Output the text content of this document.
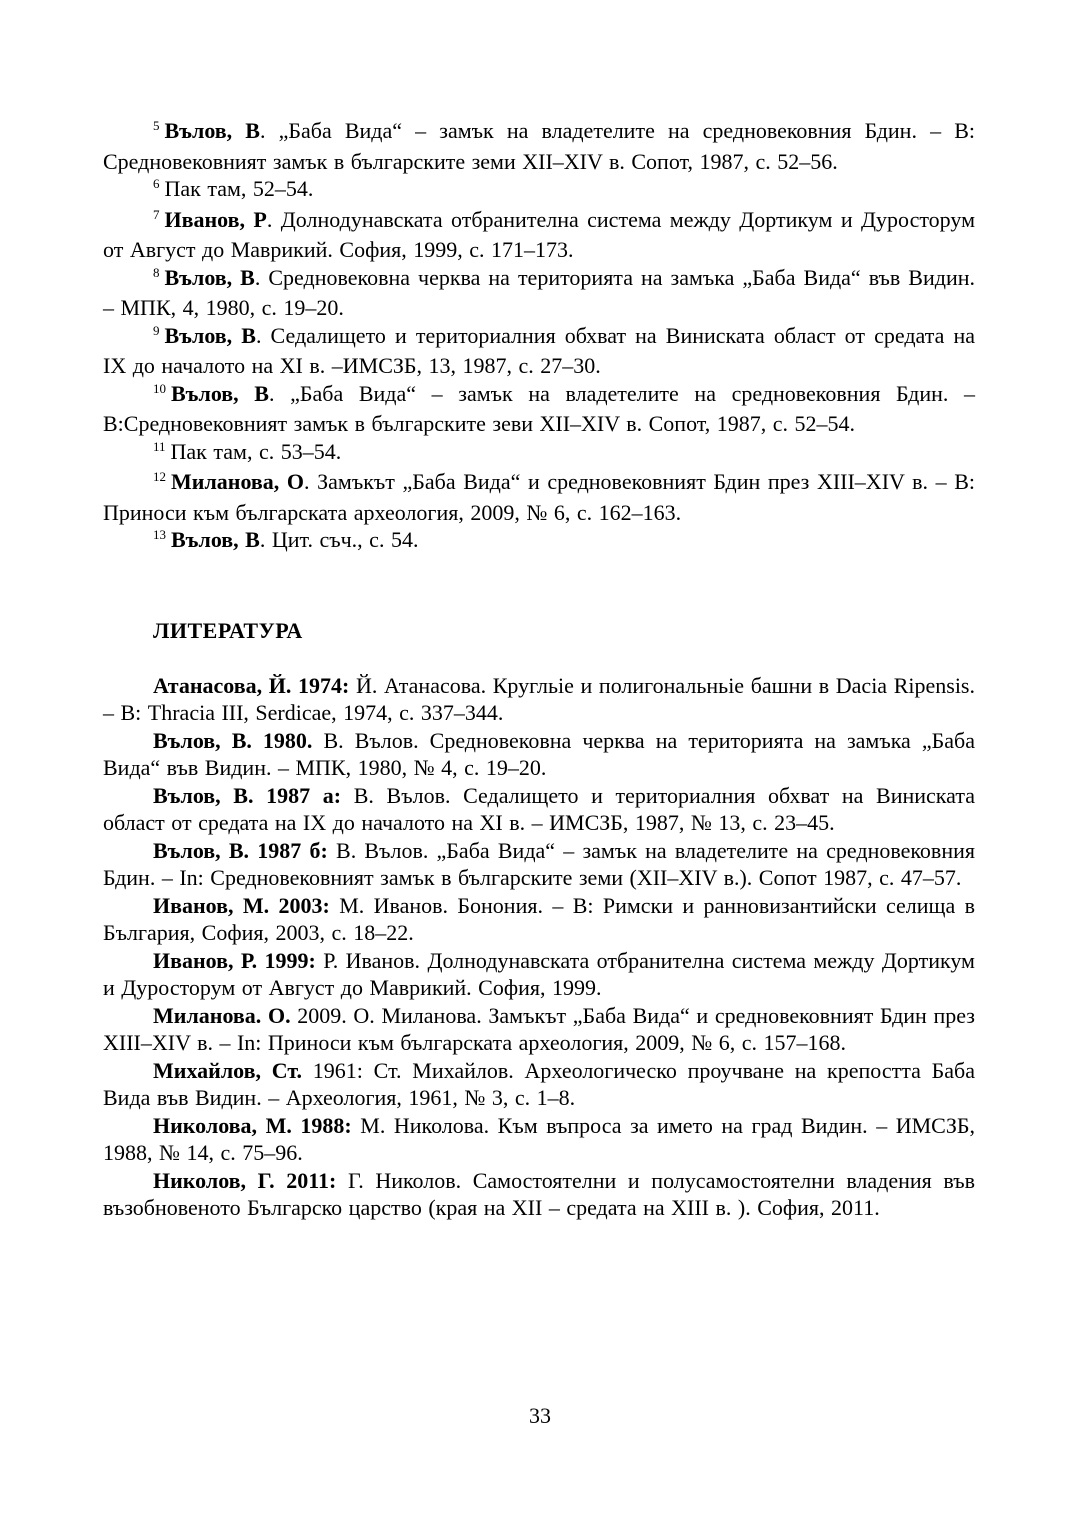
$^5$ Вълов, В. „Баба Вида“ – замък на владетелите на средновековния Бдин. – В: Средновековният замък в българските земи XII–XIV в. Сопот, 1987, с. 52–56.

$^6$ Пак там, 52–54.

$^7$ Иванов, Р. Долнодунавската отбранителна система между Дортикум и Дуросторум от Август до Маврикий. София, 1999, с. 171–173.

$^8$ Вълов, В. Средновековна черква на територията на замъка „Баба Вида“ във Видин. – МПК, 4, 1980, с. 19–20.

$^9$ Вълов, В. Седалището и териториалния обхват на Виниската област от средата на IX до началото на XI в. –ИМСЗБ, 13, 1987, с. 27–30.

$^{10}$ Вълов, В. „Баба Вида“ – замък на владетелите на средновековния Бдин. – В:Средновековният замък в българските зеви XII–XIV в. Сопот, 1987, с. 52–54.

$^{11}$ Пак там, с. 53–54.

$^{12}$ Миланова, О. Замъкът „Баба Вида“ и средновековният Бдин през XIII–XIV в. – В: Приноси към българската археология, 2009, № 6, с. 162–163.

$^{13}$ Вълов, В. Цит. съч., с. 54.

ЛИТЕРАТУРА

Атанасова, Й. 1974: Й. Атанасова. Кругльіе и полигональньіе башни в Dacia Ripensis. – В: Thracia III, Serdicae, 1974, с. 337–344.

Вълов, В. 1980. В. Вълов. Средновековна черква на територията на замъка „Баба Вида“ във Видин. – МПК, 1980, № 4, с. 19–20.

Вълов, В. 1987 а: В. Вълов. Седалището и териториалния обхват на Виниската област от средата на IX до началото на XI в. – ИМСЗБ, 1987, № 13, с. 23–45.

Вълов, В. 1987 б: В. Вълов. „Баба Вида“ – замък на владетелите на средновековния Бдин. – In: Средновековният замък в българските земи (XII–XIV в.). Сопот 1987, с. 47–57.

Иванов, М. 2003: М. Иванов. Бонония. – В: Римски и ранновизантийски селища в България, София, 2003, с. 18–22.

Иванов, Р. 1999: Р. Иванов. Долнодунавската отбранителна система между Дортикум и Дуросторум от Август до Маврикий. София, 1999.

Миланова. О. 2009. О. Миланова. Замъкът „Баба Вида“ и средновековният Бдин през XIII–XIV в. – In: Приноси към българската археология, 2009, № 6, с. 157–168.

Михайлов, Ст. 1961: Ст. Михайлов. Археологическо проучване на крепостта Баба Вида във Видин. – Археология, 1961, № 3, с. 1–8.

Николова, М. 1988: М. Николова. Към въпроса за името на град Видин. – ИМСЗБ, 1988, № 14, с. 75–96.

Николов, Г. 2011: Г. Николов. Самостоятелни и полусамостоятелни владения във възобновеното Българско царство (края на XII – средата на XIII в. ). София, 2011.

33
